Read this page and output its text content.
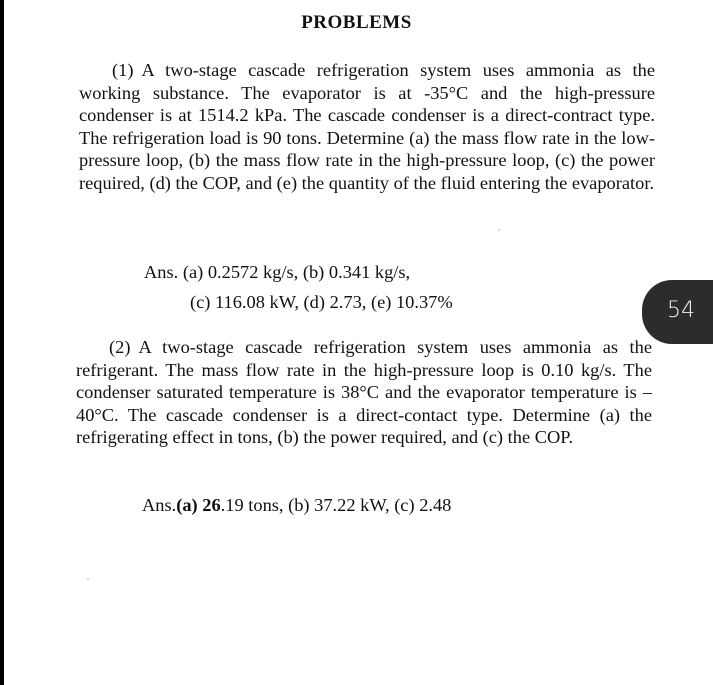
PROBLEMS

(1) A two-stage cascade refrigeration system uses ammonia as the working substance. The evaporator is at -35°C and the high-pressure condenser is at 1514.2 kPa. The cascade condenser is a direct-contract type. The refrigeration load is 90 tons. Determine (a) the mass flow rate in the low-pressure loop, (b) the mass flow rate in the high-pressure loop, (c) the power required, (d) the COP, and (e) the quantity of the fluid entering the evaporator.

Ans. (a) 0.2572 kg/s, (b) 0.341 kg/s,
(c) 116.08 kW, (d) 2.73, (e) 10.37%

(2) A two-stage cascade refrigeration system uses ammonia as the refrigerant. The mass flow rate in the high-pressure loop is 0.10 kg/s. The condenser saturated temperature is 38°C and the evaporator temperature is –40°C. The cascade condenser is a direct-contact type. Determine (a) the refrigerating effect in tons, (b) the power required, and (c) the COP.

Ans.(a) 26.19 tons, (b) 37.22 kW, (c) 2.48
54
